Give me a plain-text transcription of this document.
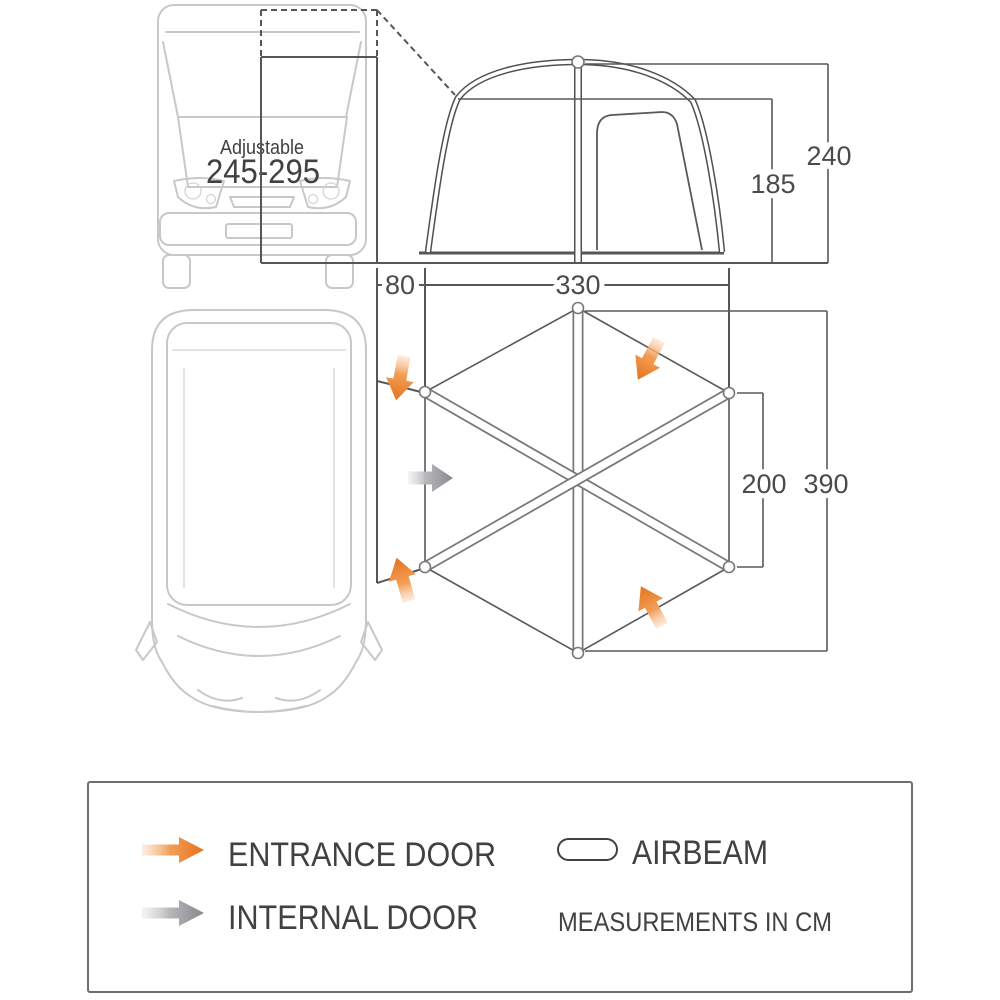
Adjustable
245-295	240
185
80	330
200 390
ENTRANCE DOOR
INTERNAL DOOR
AIRBEAM
MEASUREMENTS IN CM
